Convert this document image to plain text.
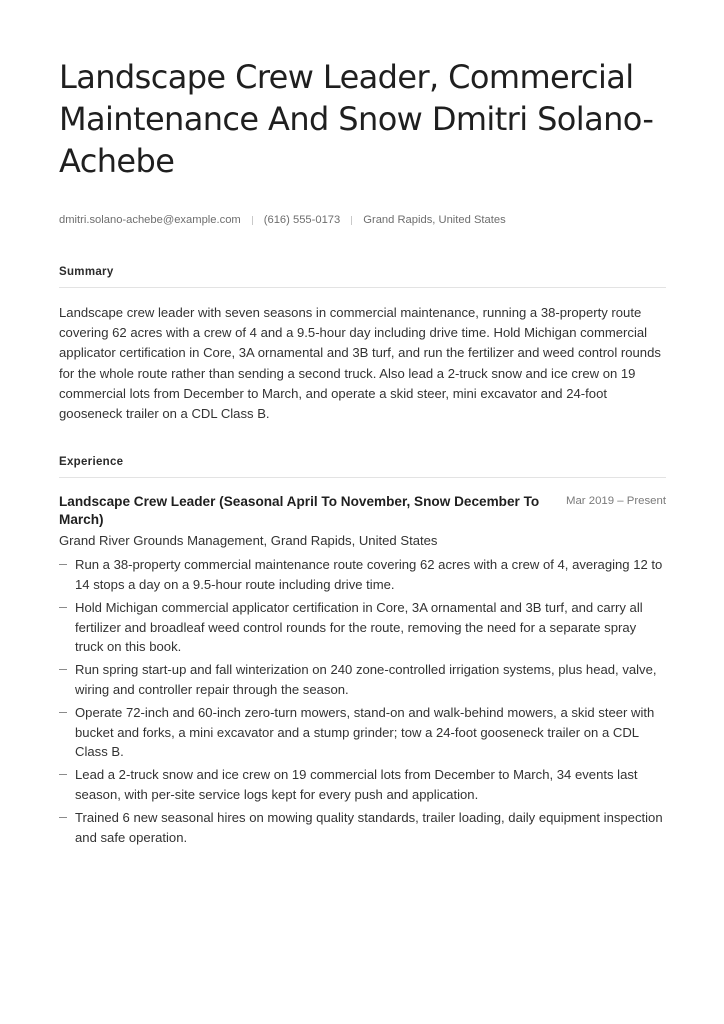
Landscape Crew Leader, Commercial Maintenance And Snow Dmitri Solano-Achebe
dmitri.solano-achebe@example.com (616) 555-0173 Grand Rapids, United States
Summary

Landscape crew leader with seven seasons in commercial maintenance, running a 38-property route covering 62 acres with a crew of 4 and a 9.5-hour day including drive time. Hold Michigan commercial applicator certification in Core, 3A ornamental and 3B turf, and run the fertilizer and weed control rounds for the whole route rather than sending a second truck. Also lead a 2-truck snow and ice crew on 19 commercial lots from December to March, and operate a skid steer, mini excavator and 24-foot gooseneck trailer on a CDL Class B.

Experience
Landscape Crew Leader (Seasonal April To November, Snow December To March)
Mar 2019 – Present
Grand River Grounds Management, Grand Rapids, United States
Run a 38-property commercial maintenance route covering 62 acres with a crew of 4, averaging 12 to 14 stops a day on a 9.5-hour route including drive time.
Hold Michigan commercial applicator certification in Core, 3A ornamental and 3B turf, and carry all fertilizer and broadleaf weed control rounds for the route, removing the need for a separate spray truck on this book.
Run spring start-up and fall winterization on 240 zone-controlled irrigation systems, plus head, valve, wiring and controller repair through the season.
Operate 72-inch and 60-inch zero-turn mowers, stand-on and walk-behind mowers, a skid steer with bucket and forks, a mini excavator and a stump grinder; tow a 24-foot gooseneck trailer on a CDL Class B.
Lead a 2-truck snow and ice crew on 19 commercial lots from December to March, 34 events last season, with per-site service logs kept for every push and application.
Trained 6 new seasonal hires on mowing quality standards, trailer loading, daily equipment inspection and safe operation.
